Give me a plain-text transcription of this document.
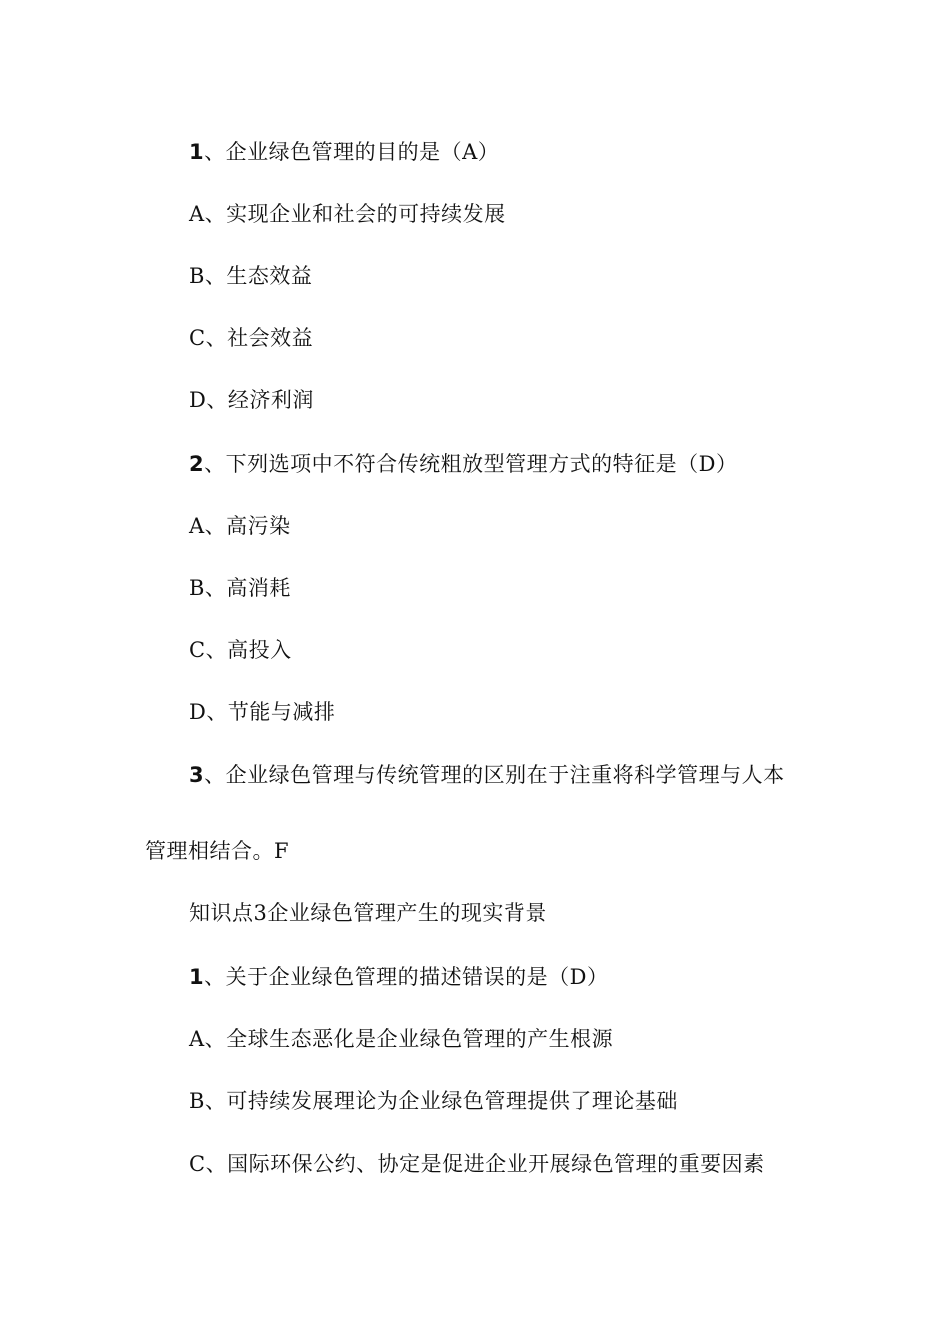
1、企业绿色管理的目的是（A）
A、实现企业和社会的可持续发展
B、生态效益
C、社会效益
D、经济利润
2、下列选项中不符合传统粗放型管理方式的特征是（D）
A、高污染
B、高消耗
C、高投入
D、节能与减排
3、企业绿色管理与传统管理的区别在于注重将科学管理与人本
管理相结合。F
知识点3企业绿色管理产生的现实背景
1、关于企业绿色管理的描述错误的是（D）
A、全球生态恶化是企业绿色管理的产生根源
B、可持续发展理论为企业绿色管理提供了理论基础
C、国际环保公约、协定是促进企业开展绿色管理的重要因素
